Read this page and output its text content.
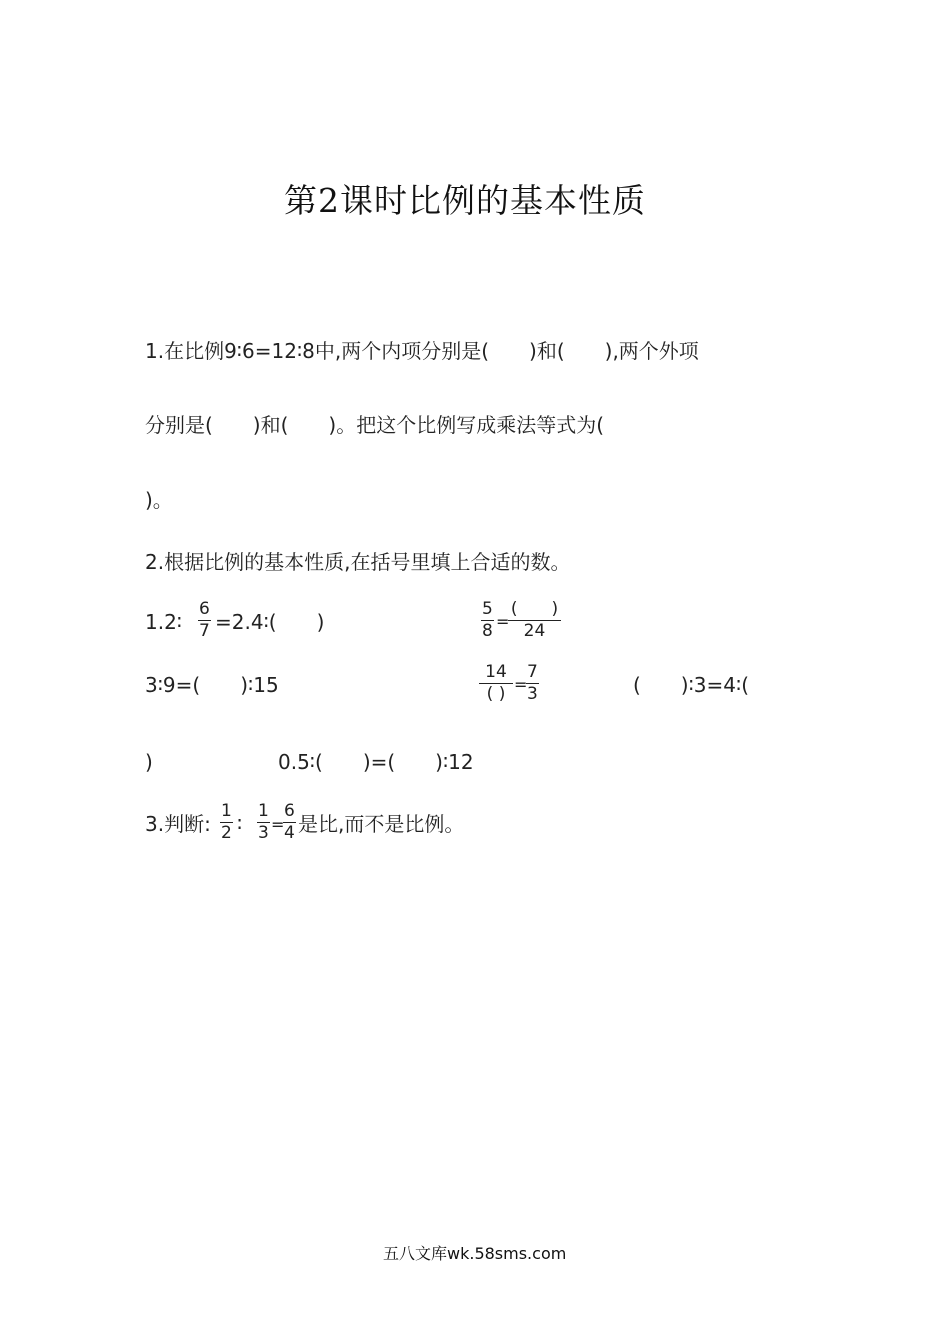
第2课时比例的基本性质
1.在比例9∶6=12∶8中,两个内项分别是(　　)和(　　),两个外项
分别是(　　)和(　　)。把这个比例写成乘法等式为(
)。
2.根据比例的基本性质,在括号里填上合适的数。
1.2∶ $\frac{6}{7}$ =2.4∶(　　)	$\frac{5}{8}$ =
(　　)
24
3∶9=(　　)∶15
14
( ) =
$\frac{7}{3}$	(　　)∶3=4∶(
)	0.5∶(　　)=(　　)∶12
3.判断: $\frac{1}{2}$ ∶ $\frac{1}{3}$ =
$\frac{6}{4}$ 是比,而不是比例。
五八文库wk.58sms.com
